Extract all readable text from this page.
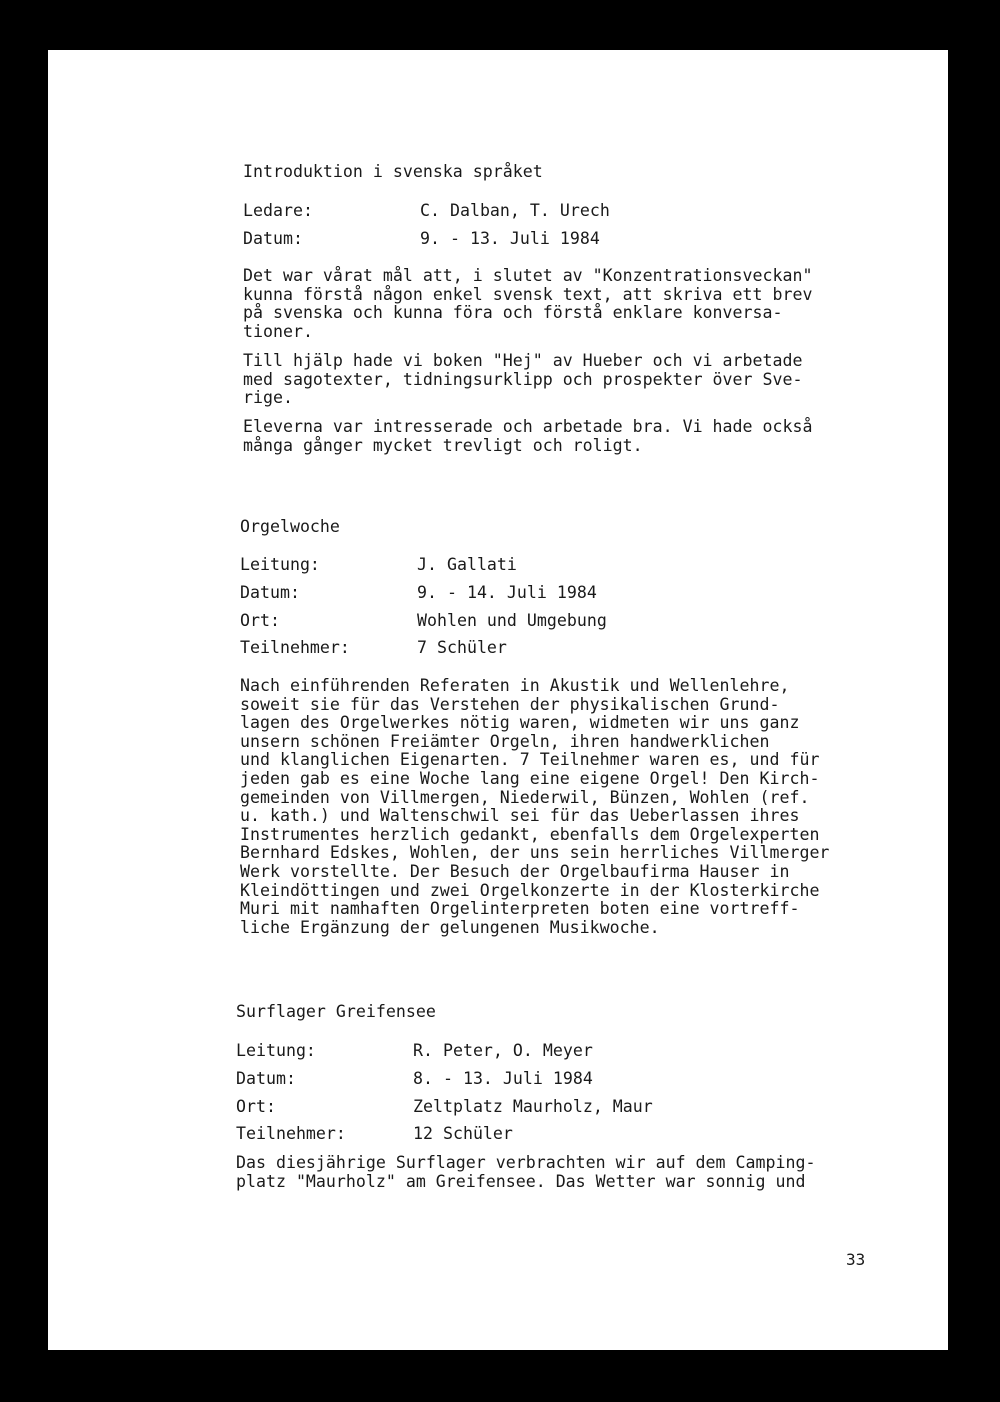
Introduktion i svenska språket
Ledare:	C. Dalban, T. Urech
Datum:	9. - 13. Juli 1984
Det war vårat mål att, i slutet av "Konzentrationsveckan"
kunna förstå någon enkel svensk text, att skriva ett brev
på svenska och kunna föra och förstå enklare konversa-
tioner.
Till hjälp hade vi boken "Hej" av Hueber och vi arbetade
med sagotexter, tidningsurklipp och prospekter över Sve-
rige.
Eleverna var intresserade och arbetade bra. Vi hade också
många gånger mycket trevligt och roligt.
Orgelwoche
Leitung:	J. Gallati
Datum:	9. - 14. Juli 1984
Ort:	Wohlen und Umgebung
Teilnehmer:	7 Schüler
Nach einführenden Referaten in Akustik und Wellenlehre,
soweit sie für das Verstehen der physikalischen Grund-
lagen des Orgelwerkes nötig waren, widmeten wir uns ganz
unsern schönen Freiämter Orgeln, ihren handwerklichen
und klanglichen Eigenarten. 7 Teilnehmer waren es, und für
jeden gab es eine Woche lang eine eigene Orgel! Den Kirch-
gemeinden von Villmergen, Niederwil, Bünzen, Wohlen (ref.
u. kath.) und Waltenschwil sei für das Ueberlassen ihres
Instrumentes herzlich gedankt, ebenfalls dem Orgelexperten
Bernhard Edskes, Wohlen, der uns sein herrliches Villmerger
Werk vorstellte. Der Besuch der Orgelbaufirma Hauser in
Kleindöttingen und zwei Orgelkonzerte in der Klosterkirche
Muri mit namhaften Orgelinterpreten boten eine vortreff-
liche Ergänzung der gelungenen Musikwoche.
Surflager Greifensee
Leitung:	R. Peter, O. Meyer
Datum:	8. - 13. Juli 1984
Ort:	Zeltplatz Maurholz, Maur
Teilnehmer:	12 Schüler
Das diesjährige Surflager verbrachten wir auf dem Camping-
platz "Maurholz" am Greifensee. Das Wetter war sonnig und
33
